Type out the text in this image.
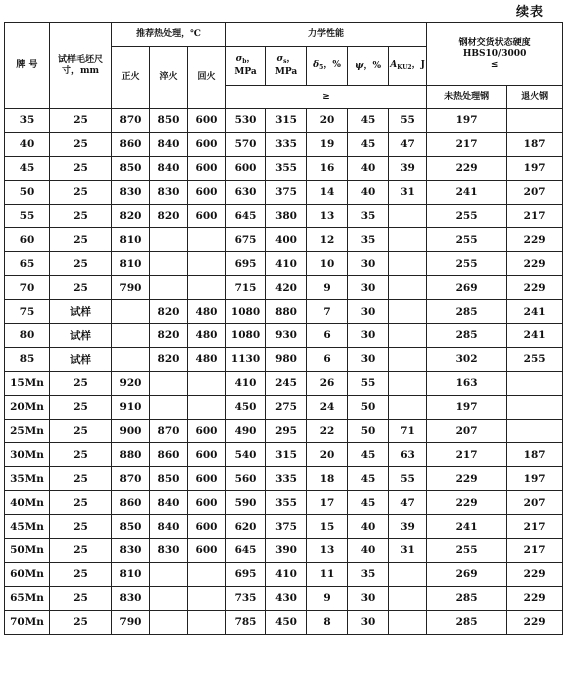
续表
牌 号	试样毛坯尺寸，mm	推荐热处理，℃			力学性能					钢材交货状态硬度
HBS10/3000
≤	

		正火	淬火	回火	$\sigma_b$，MPa	$\sigma_s$，MPa	$\delta_5$，%	ψ，%	$A_{KU2}$，J		
					≥					未热处理钢	退火钢
35	25	870	850	600	530	315	20	45	55	197	
40	25	860	840	600	570	335	19	45	47	217	187
45	25	850	840	600	600	355	16	40	39	229	197
50	25	830	830	600	630	375	14	40	31	241	207
55	25	820	820	600	645	380	13	35		255	217
60	25	810			675	400	12	35		255	229
65	25	810			695	410	10	30		255	229
70	25	790			715	420	9	30		269	229
75	试样		820	480	1080	880	7	30		285	241
80	试样		820	480	1080	930	6	30		285	241
85	试样		820	480	1130	980	6	30		302	255
15Mn	25	920			410	245	26	55		163	
20Mn	25	910			450	275	24	50		197	
25Mn	25	900	870	600	490	295	22	50	71	207	
30Mn	25	880	860	600	540	315	20	45	63	217	187
35Mn	25	870	850	600	560	335	18	45	55	229	197
40Mn	25	860	840	600	590	355	17	45	47	229	207
45Mn	25	850	840	600	620	375	15	40	39	241	217
50Mn	25	830	830	600	645	390	13	40	31	255	217
60Mn	25	810			695	410	11	35		269	229
65Mn	25	830			735	430	9	30		285	229
70Mn	25	790			785	450	8	30		285	229
